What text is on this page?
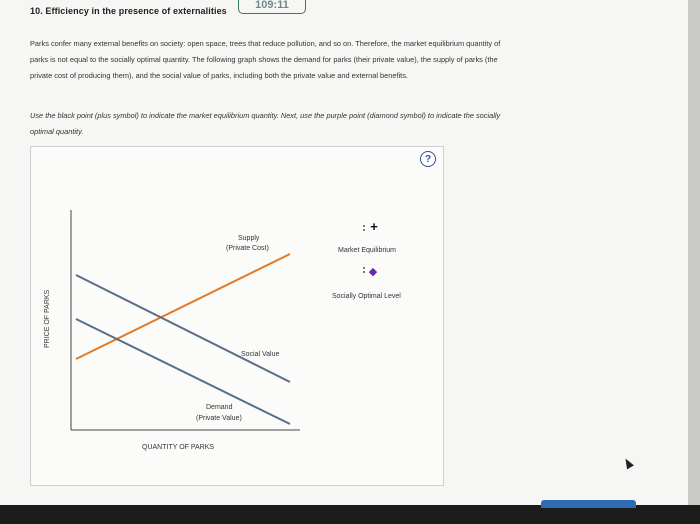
10. Efficiency in the presence of externalities
Parks confer many external benefits on society: open space, trees that reduce pollution, and so on. Therefore, the market equilibrium quantity of
parks is not equal to the socially optimal quantity. The following graph shows the demand for parks (their private value), the supply of parks (the
private cost of producing them), and the social value of parks, including both the private value and external benefits.
Use the black point (plus symbol) to indicate the market equilibrium quantity. Next, use the purple point (diamond symbol) to indicate the socially
optimal quantity.
PRICE OF PARKS
QUANTITY OF PARKS
Supply
(Private Cost)
Social Value
Demand
(Private Value)
+
Market Equilibrium
◆
Socially Optimal Level
?
109:11
